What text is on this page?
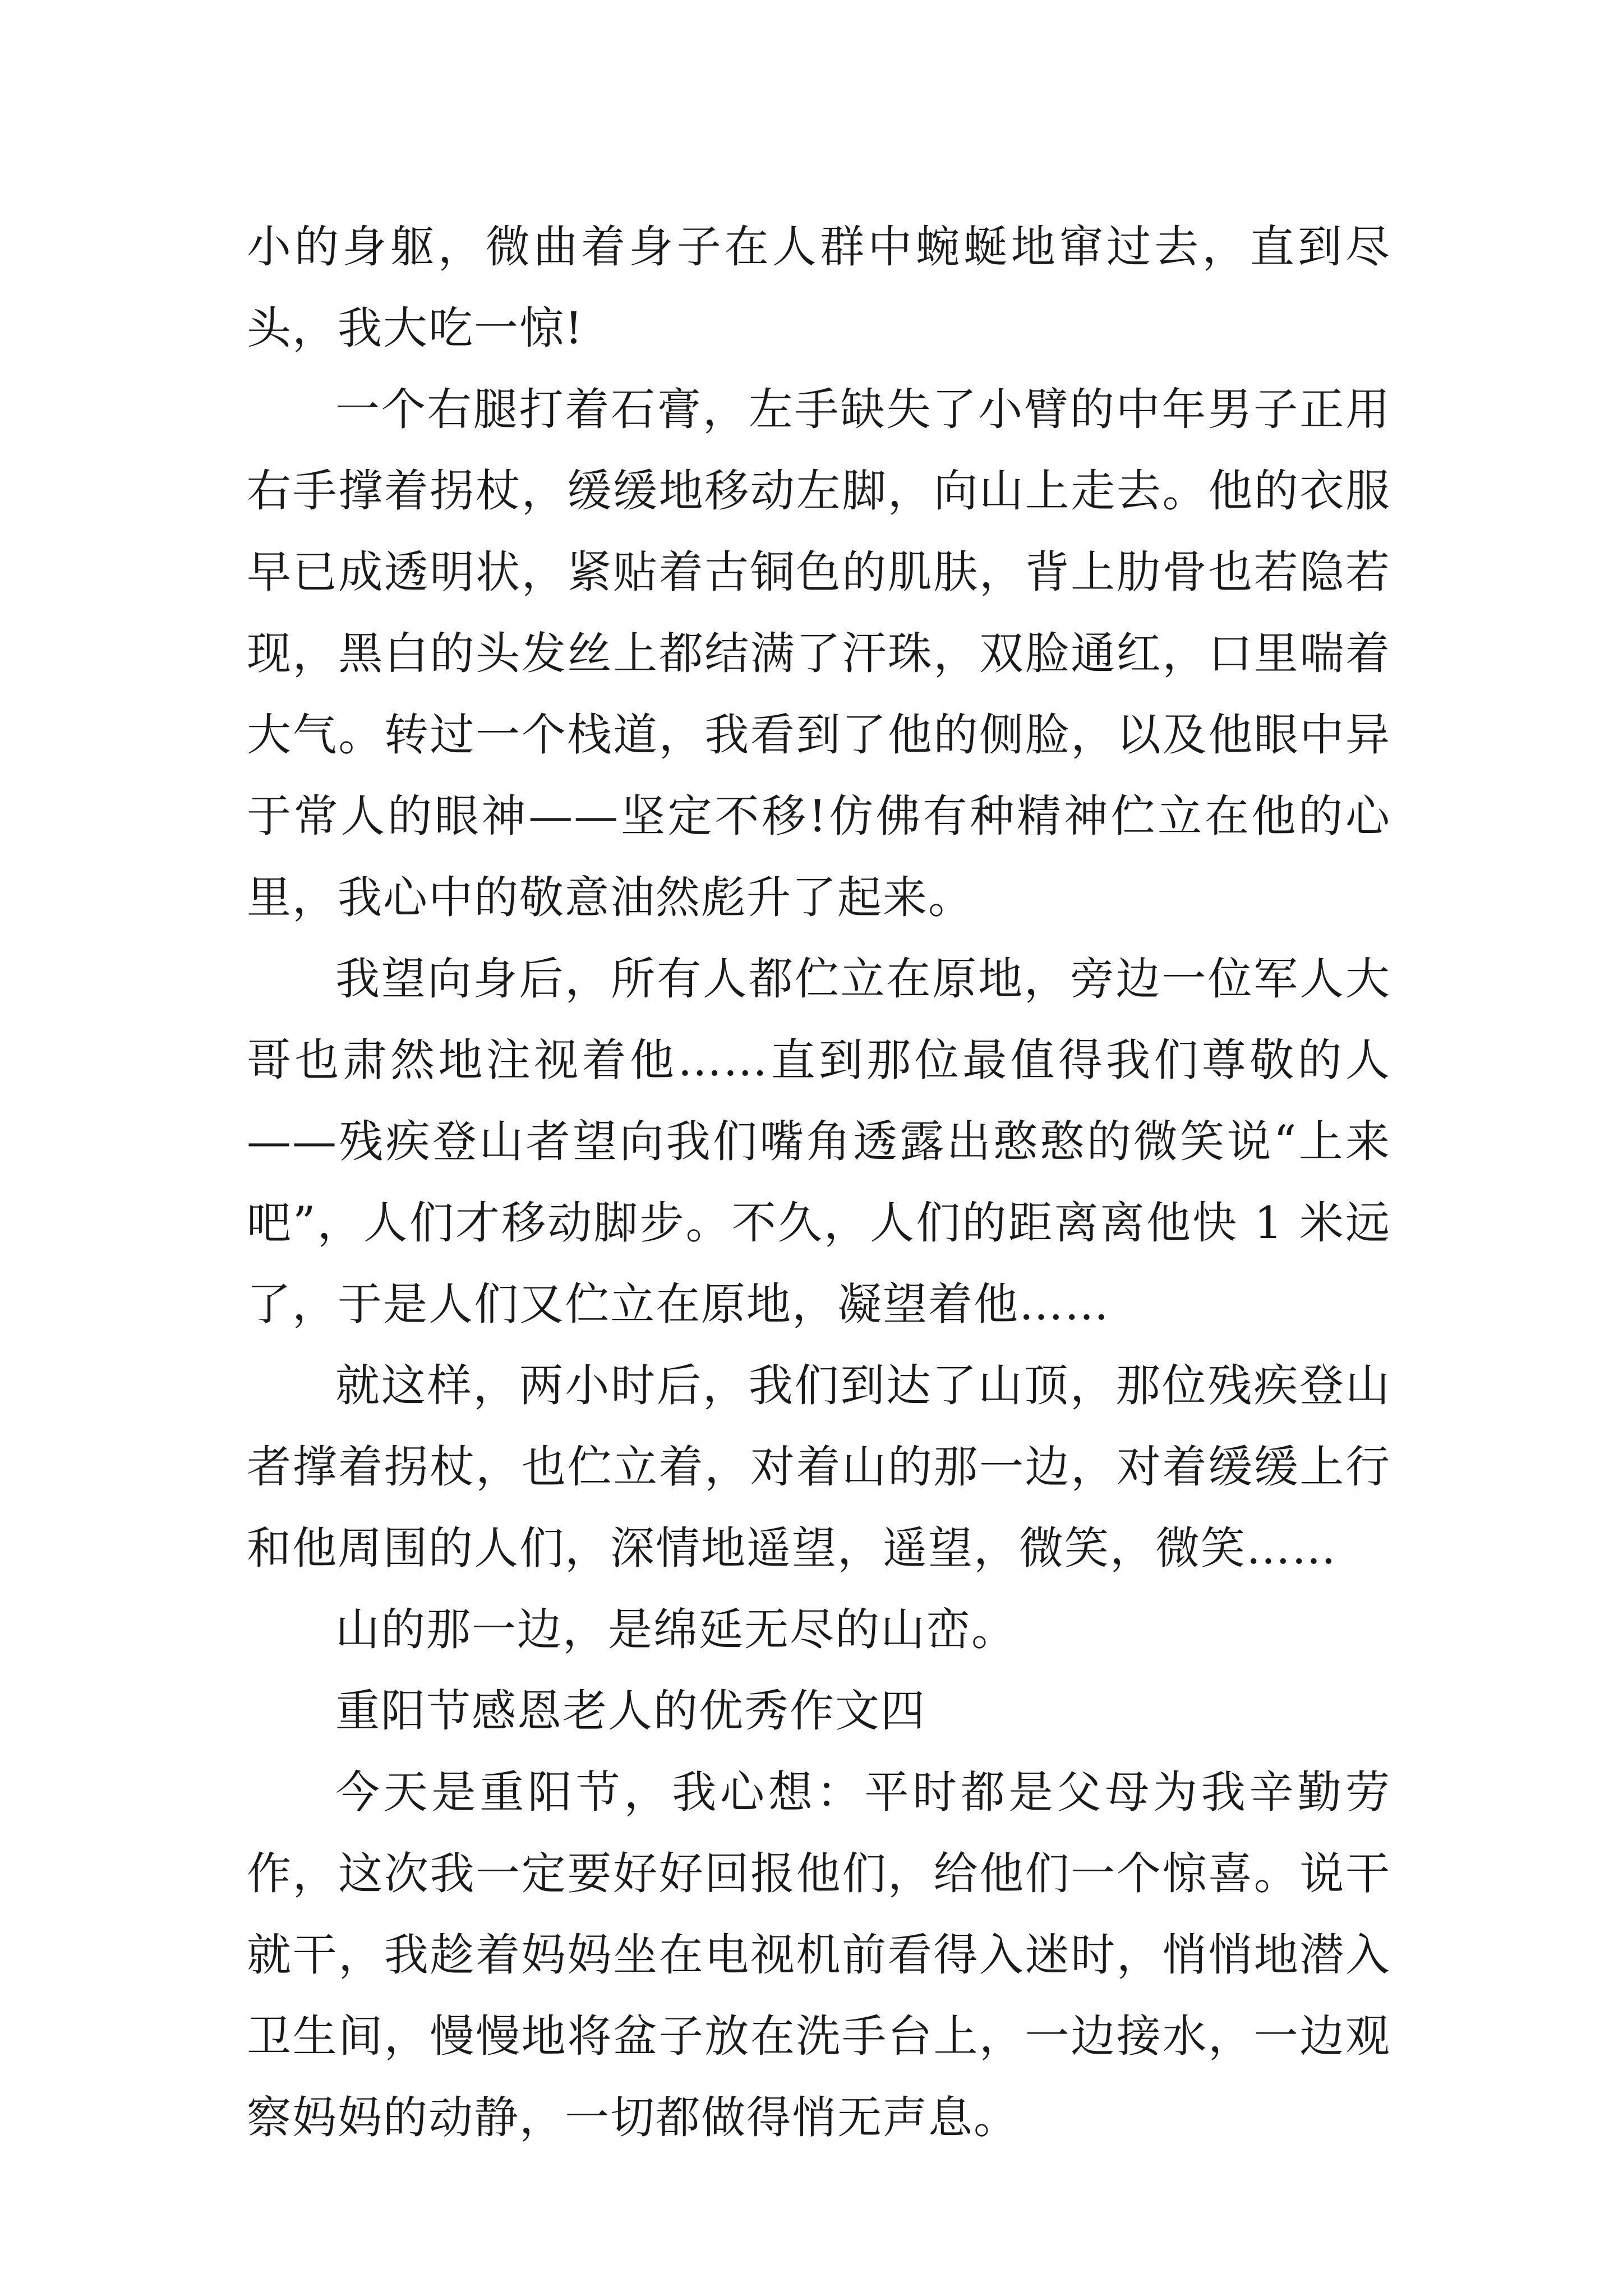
小的身躯，微曲着身子在人群中蜿蜒地窜过去，直到尽头，我大吃一惊!

一个右腿打着石膏，左手缺失了小臂的中年男子正用右手撑着拐杖，缓缓地移动左脚，向山上走去。他的衣服早已成透明状，紧贴着古铜色的肌肤，背上肋骨也若隐若现，黑白的头发丝上都结满了汗珠，双脸通红，口里喘着大气。转过一个栈道，我看到了他的侧脸，以及他眼中异于常人的眼神——坚定不移!仿佛有种精神伫立在他的心里，我心中的敬意油然彪升了起来。

我望向身后，所有人都伫立在原地，旁边一位军人大哥也肃然地注视着他……直到那位最值得我们尊敬的人——残疾登山者望向我们嘴角透露出憨憨的微笑说“上来吧”，人们才移动脚步。不久，人们的距离离他快 1 米远了，于是人们又伫立在原地，凝望着他……

就这样，两小时后，我们到达了山顶，那位残疾登山者撑着拐杖，也伫立着，对着山的那一边，对着缓缓上行和他周围的人们，深情地遥望，遥望，微笑，微笑……

山的那一边，是绵延无尽的山峦。

重阳节感恩老人的优秀作文四

今天是重阳节，我心想：平时都是父母为我辛勤劳作，这次我一定要好好回报他们，给他们一个惊喜。说干就干，我趁着妈妈坐在电视机前看得入迷时，悄悄地潜入卫生间，慢慢地将盆子放在洗手台上，一边接水，一边观察妈妈的动静，一切都做得悄无声息。
